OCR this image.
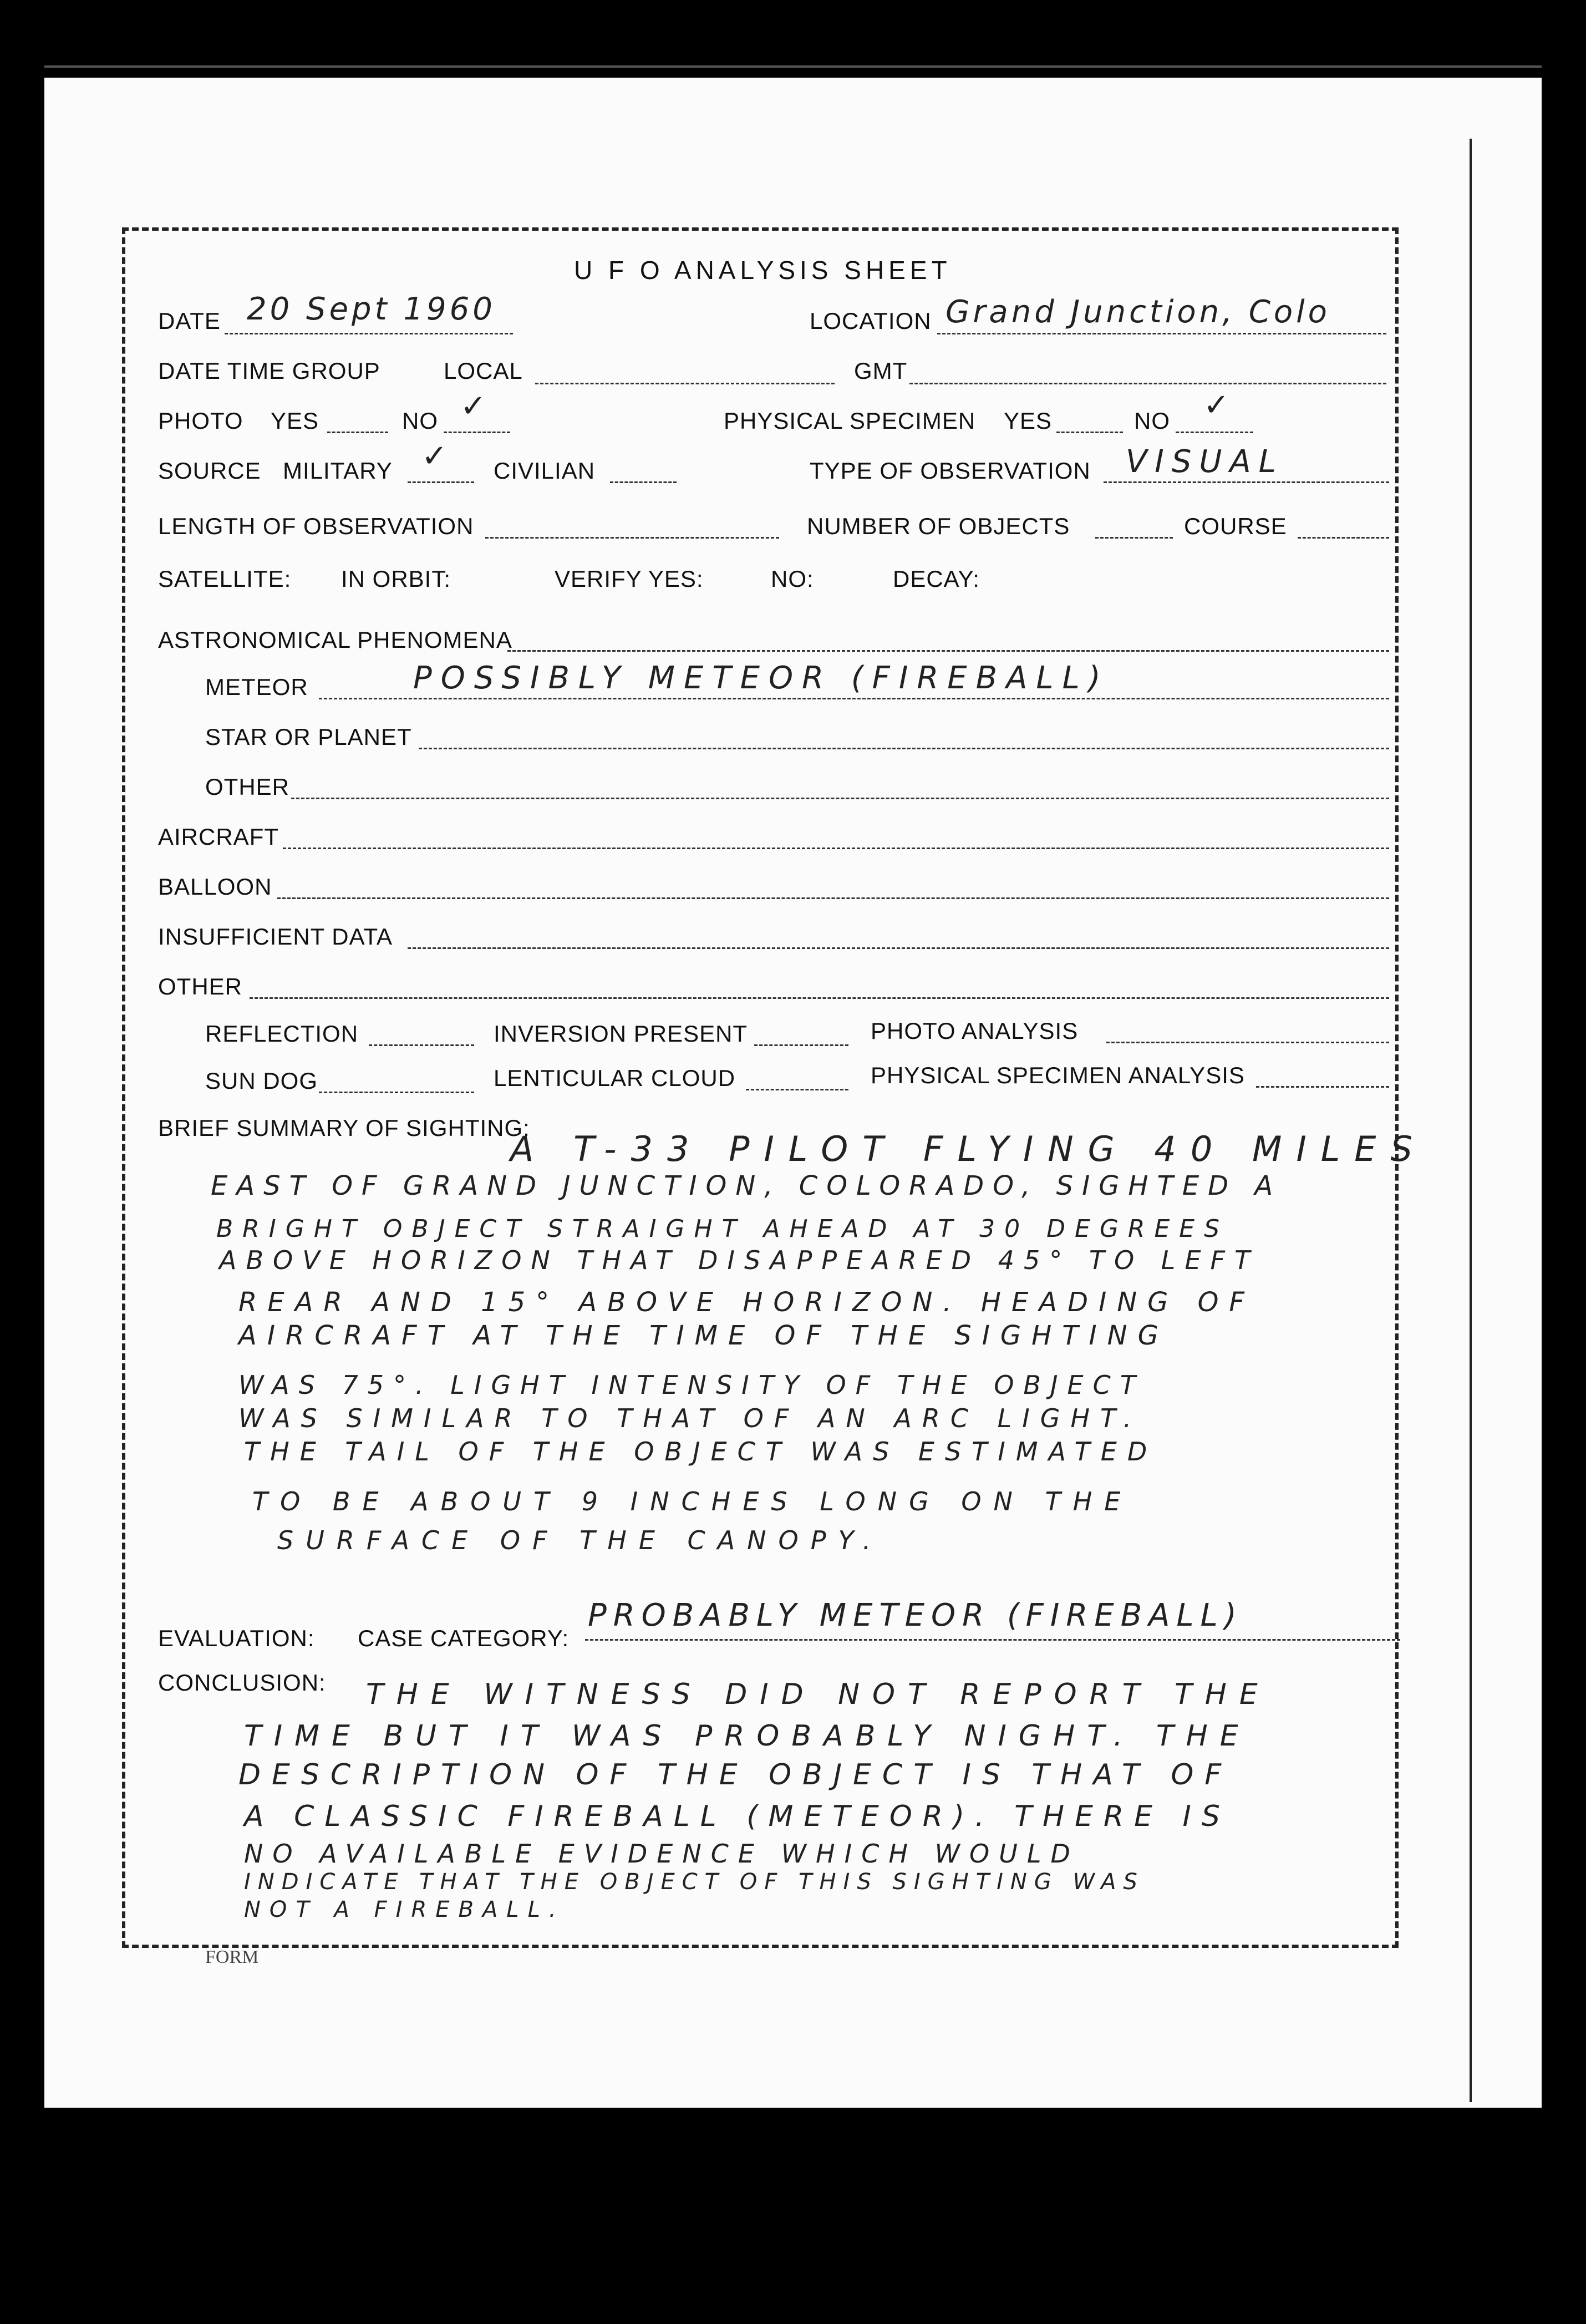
U F O ANALYSIS SHEET
DATE 20 Sept 1960	LOCATION Grand Junction, Colo
DATE TIME GROUP	LOCAL	GMT
PHOTO YES	NO ✓	PHYSICAL SPECIMEN YES	NO ✓
SOURCE MILITARY ✓ CIVILIAN	TYPE OF OBSERVATION VISUAL
LENGTH OF OBSERVATION	NUMBER OF OBJECTS	COURSE
SATELLITE: IN ORBIT:	VERIFY YES:	NO:	DECAY:
ASTRONOMICAL PHENOMENA
METEOR	POSSIBLY METEOR (FIREBALL)
STAR OR PLANET
OTHER
AIRCRAFT
BALLOON
INSUFFICIENT DATA
OTHER
REFLECTION	INVERSION PRESENT	PHOTO ANALYSIS
SUN DOG	LENTICULAR CLOUD	PHYSICAL SPECIMEN ANALYSIS
BRIEF SUMMARY OF SIGHTING:
A T-33 PILOT FLYING 40 MILES
EAST OF GRAND JUNCTION, COLORADO, SIGHTED A
BRIGHT OBJECT STRAIGHT AHEAD AT 30 DEGREES
ABOVE HORIZON THAT DISAPPEARED 45° TO LEFT
REAR AND 15° ABOVE HORIZON. HEADING OF
AIRCRAFT AT THE TIME OF THE SIGHTING
WAS 75°. LIGHT INTENSITY OF THE OBJECT
WAS SIMILAR TO THAT OF AN ARC LIGHT.
THE TAIL OF THE OBJECT WAS ESTIMATED
TO BE ABOUT 9 INCHES LONG ON THE
SURFACE OF THE CANOPY.
EVALUATION: CASE CATEGORY:
PROBABLY METEOR (FIREBALL)
CONCLUSION: THE WITNESS DID NOT REPORT THE
TIME BUT IT WAS PROBABLY NIGHT. THE
DESCRIPTION OF THE OBJECT IS THAT OF
A CLASSIC FIREBALL (METEOR). THERE IS
NO AVAILABLE EVIDENCE WHICH WOULD
INDICATE THAT THE OBJECT OF THIS SIGHTING WAS
NOT A FIREBALL.
FORM
